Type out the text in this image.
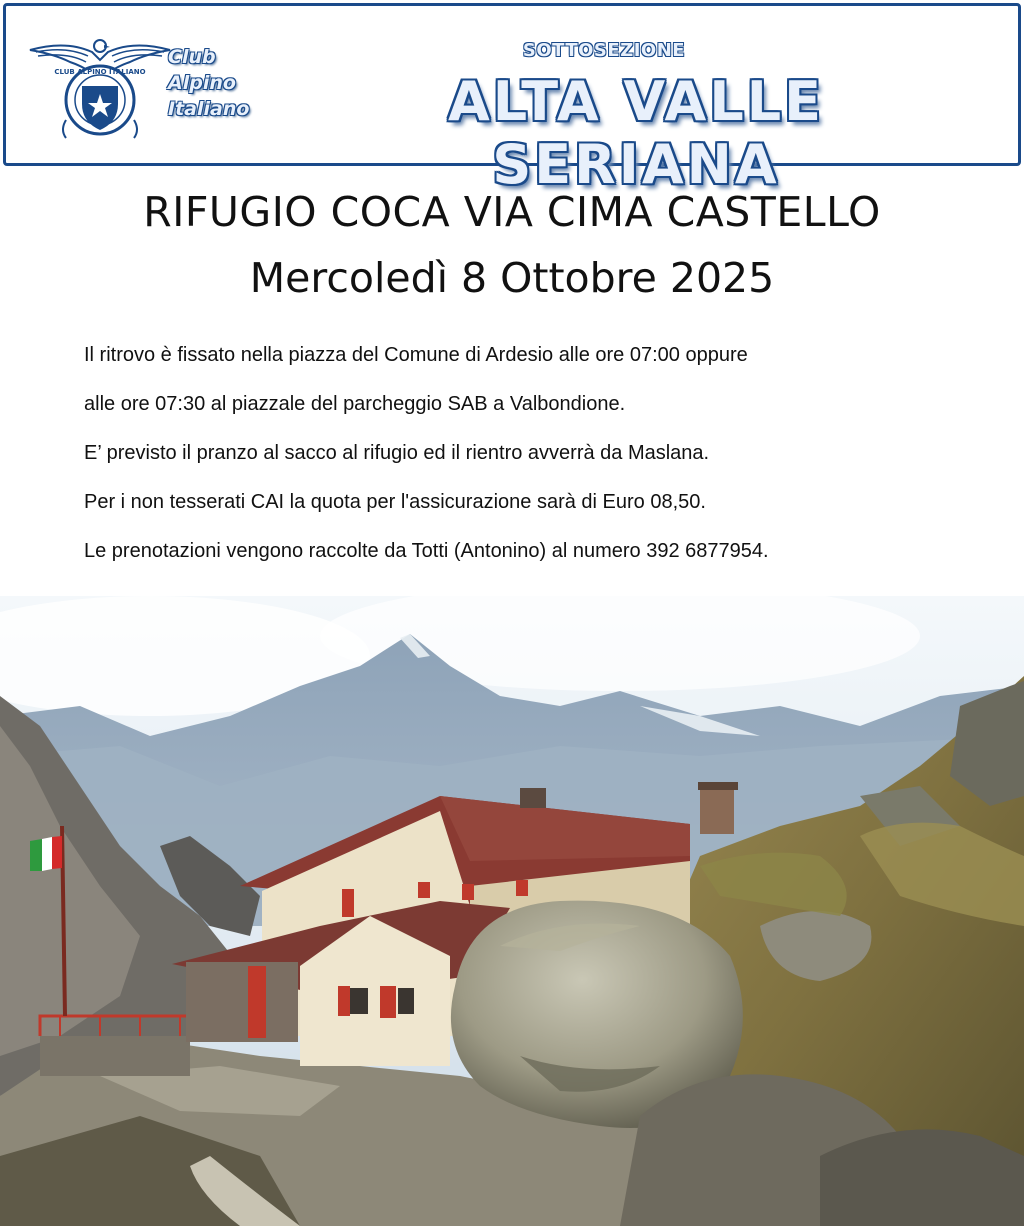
CLUB ALPINO ITALIANO
Club
Alpino
Italiano
SOTTOSEZIONE
ALTA VALLE SERIANA
RIFUGIO COCA VIA CIMA CASTELLO
Mercoledì 8 Ottobre 2025

Il ritrovo è fissato nella piazza del Comune di Ardesio alle ore 07:00 oppure

alle ore 07:30 al piazzale del parcheggio SAB a Valbondione.

E’ previsto il pranzo al sacco al rifugio ed il rientro avverrà da Maslana.

Per i non tesserati CAI la quota per l'assicurazione sarà di Euro 08,50.

Le prenotazioni vengono raccolte da Totti (Antonino) al numero 392 6877954.
